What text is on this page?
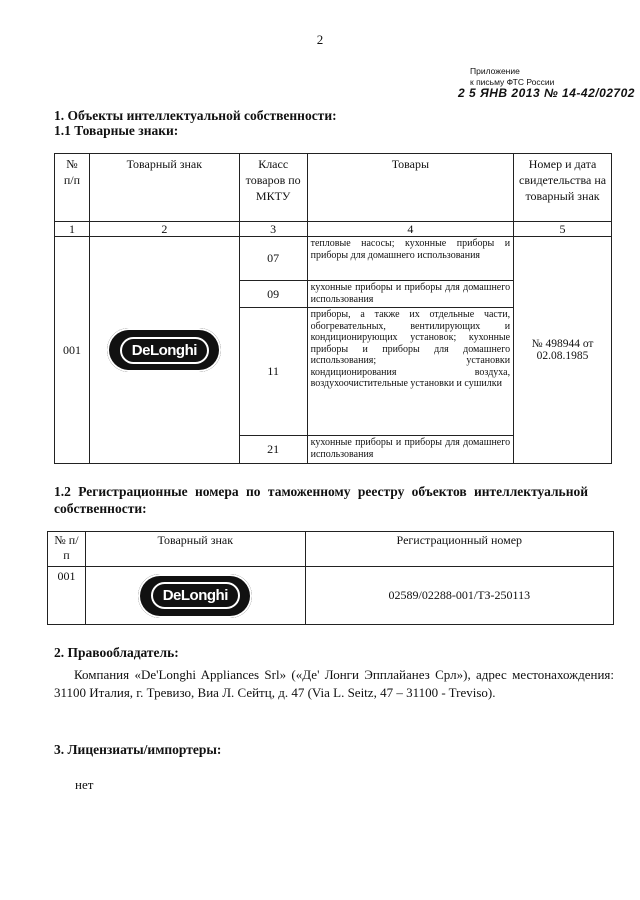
2
Приложение
к письму ФТС России
2 5 ЯНВ 2013 № 14-42/02702
1. Объекты интеллектуальной собственности:
1.1 Товарные знаки:
№ п/п	Товарный знак	Класс товаров по МКТУ	Товары	Номер и дата свидетельства на товарный знак
1	2	3	4	5
001	DeLonghi	07	тепловые насосы; кухонные приборы и приборы для домашнего использования	№ 498944 от 02.08.1985
		09	кухонные приборы и приборы для домашнего использования	
		11	приборы, а также их отдельные части, обогревательных, вентилирующих и кондиционирующих установок; кухонные приборы и приборы для домашнего использования; установки кондиционирования воздуха, воздухоочистительные установки и сушилки	
		21	кухонные приборы и приборы для домашнего использования	
1.2 Регистрационные номера по таможенному реестру объектов интеллектуальной собственности:
№ п/п	Товарный знак	Регистрационный номер
001	DeLonghi	02589/02288-001/ТЗ-250113
2. Правообладатель:
Компания «De'Longhi Appliances Srl» («Де' Лонги Эпплайанез Срл»), адрес местонахождения: 31100 Италия, г. Тревизо, Виа Л. Сейтц, д. 47 (Via L. Seitz, 47 – 31100 - Treviso).
3. Лицензиаты/импортеры:
нет
